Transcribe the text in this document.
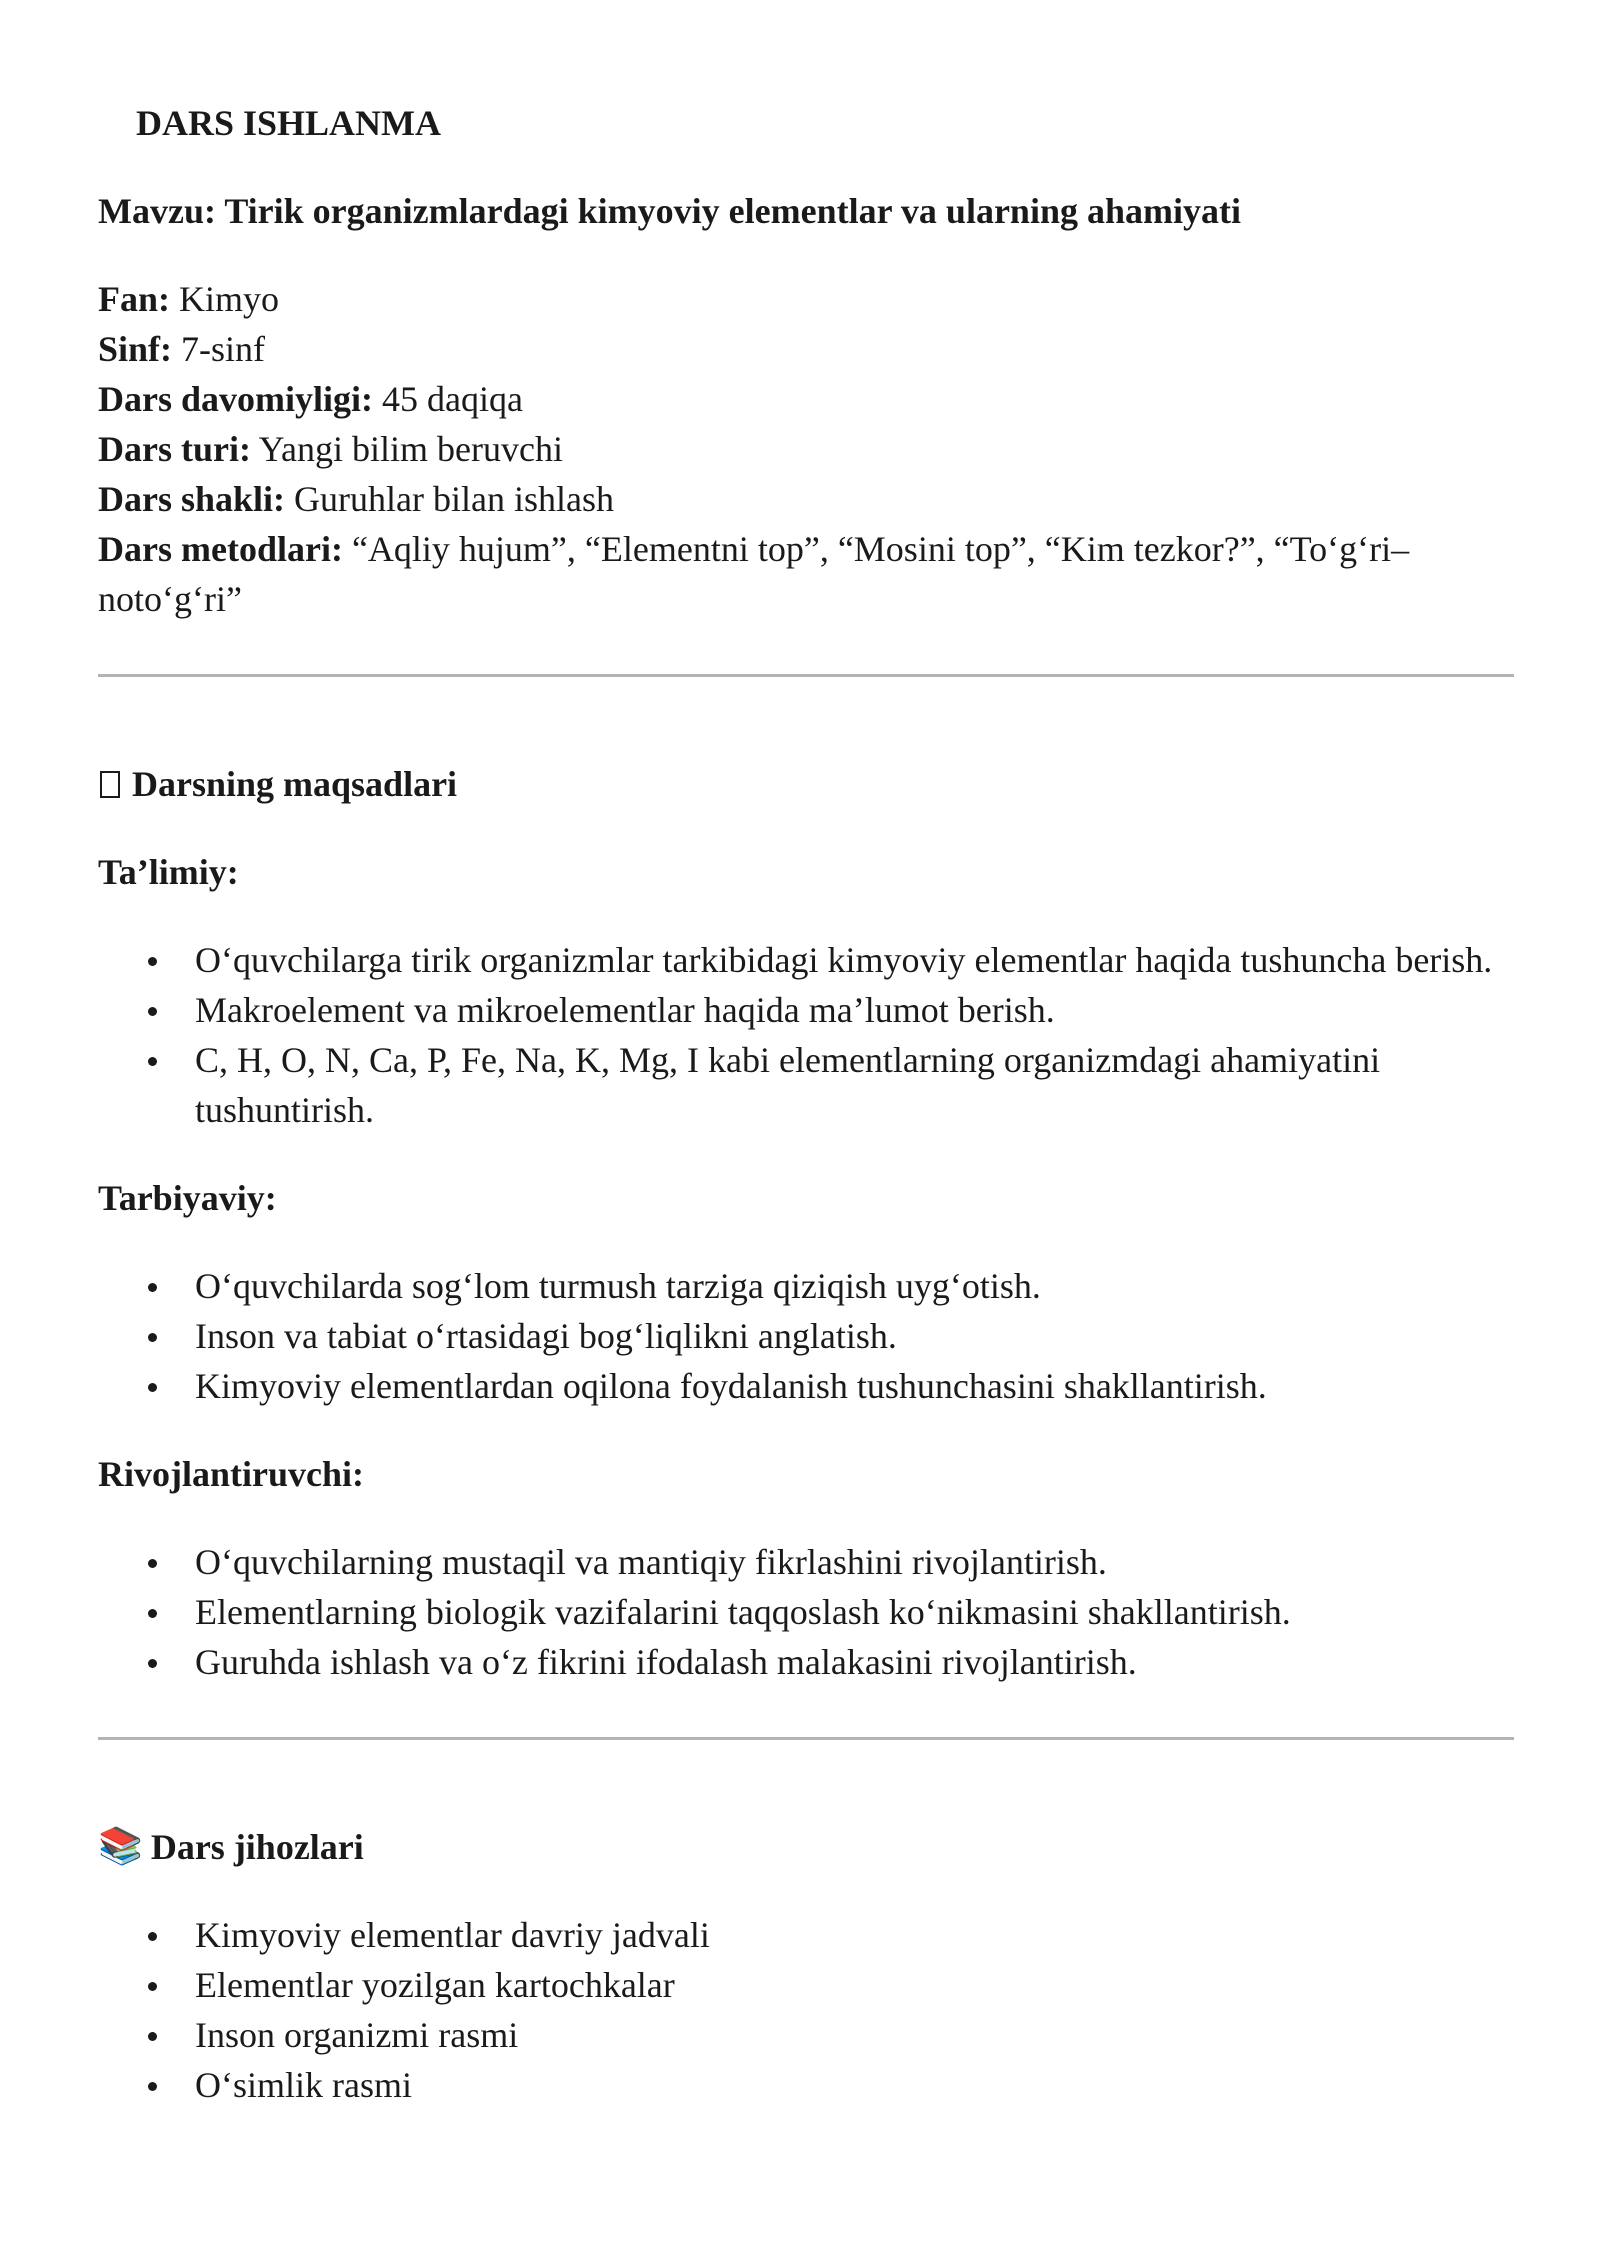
DARS ISHLANMA
Mavzu: Tirik organizmlardagi kimyoviy elementlar va ularning ahamiyati
Fan: Kimyo
Sinf: 7-sinf
Dars davomiyligi: 45 daqiqa
Dars turi: Yangi bilim beruvchi
Dars shakli: Guruhlar bilan ishlash
Dars metodlari: “Aqliy hujum”, “Elementni top”, “Mosini top”, “Kim tezkor?”, “To‘g‘ri–noto‘g‘ri”
Darsning maqsadlari
Ta’limiy:
O‘quvchilarga tirik organizmlar tarkibidagi kimyoviy elementlar haqida tushuncha berish.
Makroelement va mikroelementlar haqida ma’lumot berish.
C, H, O, N, Ca, P, Fe, Na, K, Mg, I kabi elementlarning organizmdagi ahamiyatini tushuntirish.
Tarbiyaviy:
O‘quvchilarda sog‘lom turmush tarziga qiziqish uyg‘otish.
Inson va tabiat o‘rtasidagi bog‘liqlikni anglatish.
Kimyoviy elementlardan oqilona foydalanish tushunchasini shakllantirish.
Rivojlantiruvchi:
O‘quvchilarning mustaqil va mantiqiy fikrlashini rivojlantirish.
Elementlarning biologik vazifalarini taqqoslash ko‘nikmasini shakllantirish.
Guruhda ishlash va o‘z fikrini ifodalash malakasini rivojlantirish.
📚 Dars jihozlari
Kimyoviy elementlar davriy jadvali
Elementlar yozilgan kartochkalar
Inson organizmi rasmi
O‘simlik rasmi
